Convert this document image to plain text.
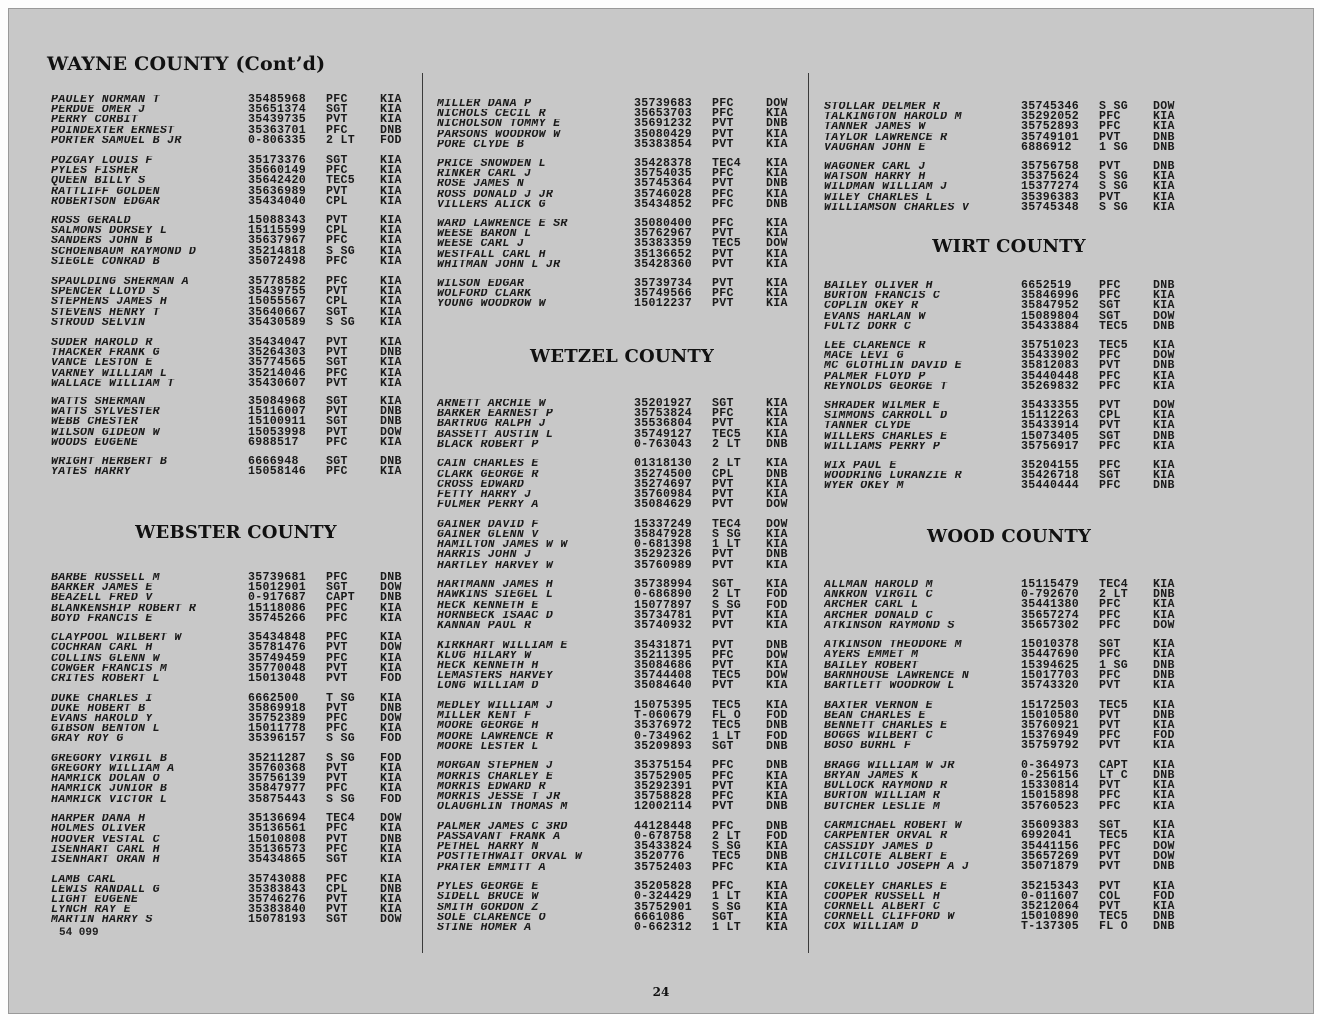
WAYNE COUNTY (Cont’d)
PAULEY NORMAN T	35485968	PFC	KIA
PERDUE OMER J	35651374	SGT	KIA
PERRY CORBIT	35439735	PVT	KIA
POINDEXTER ERNEST	35363701	PFC	DNB
PORTER SAMUEL B JR	0-806335	2 LT	FOD
POZGAY LOUIS F	35173376	SGT	KIA
PYLES FISHER	35660149	PFC	KIA
QUEEN BILLY S	35642420	TEC5	KIA
RATTLIFF GOLDEN	35636989	PVT	KIA
ROBERTSON EDGAR	35434040	CPL	KIA
ROSS GERALD	15088343	PVT	KIA
SALMONS DORSEY L	15115599	CPL	KIA
SANDERS JOHN B	35637967	PFC	KIA
SCHOENBAUM RAYMOND D	35214818	S SG	KIA
SIEGLE CONRAD B	35072498	PFC	KIA
SPAULDING SHERMAN A	35778582	PFC	KIA
SPENCER LLOYD S	35439755	PVT	KIA
STEPHENS JAMES H	15055567	CPL	KIA
STEVENS HENRY T	35640667	SGT	KIA
STROUD SELVIN	35430589	S SG	KIA
SUDER HAROLD R	35434047	PVT	KIA
THACKER FRANK G	35264303	PVT	DNB
VANCE LESTON E	35774565	SGT	KIA
VARNEY WILLIAM L	35214046	PFC	KIA
WALLACE WILLIAM T	35430607	PVT	KIA
WATTS SHERMAN	35084968	SGT	KIA
WATTS SYLVESTER	15116007	PVT	DNB
WEBB CHESTER	15100911	SGT	DNB
WILSON GIDEON W	15053998	PVT	DOW
WOODS EUGENE	6988517	PFC	KIA
WRIGHT HERBERT B	6666948	SGT	DNB
YATES HARRY	15058146	PFC	KIA
WEBSTER COUNTY
BARBE RUSSELL M	35739681	PFC	DNB
BARKER JAMES E	15012901	SGT	DOW
BEAZELL FRED V	0-917687	CAPT	DNB
BLANKENSHIP ROBERT R	15118086	PFC	KIA
BOYD FRANCIS E	35745266	PFC	KIA
CLAYPOOL WILBERT W	35434848	PFC	KIA
COCHRAN CARL H	35781476	PVT	DOW
COLLINS GLENN W	35749459	PFC	KIA
COWGER FRANCIS M	35770048	PVT	KIA
CRITES ROBERT L	15013048	PVT	FOD
DUKE CHARLES I	6662500	T SG	KIA
DUKE HOBERT B	35869918	PVT	DNB
EVANS HAROLD Y	35752389	PFC	DOW
GIBSON BENTON L	15011778	PFC	KIA
GRAY ROY G	35396157	S SG	FOD
GREGORY VIRGIL B	35211287	S SG	FOD
GREGORY WILLIAM A	35760368	PVT	KIA
HAMRICK DOLAN O	35756139	PVT	KIA
HAMRICK JUNIOR B	35847977	PFC	KIA
HAMRICK VICTOR L	35875443	S SG	FOD
HARPER DANA H	35136694	TEC4	DOW
HOLMES OLIVER	35136561	PFC	KIA
HOOVER VESTAL C	15010808	PVT	DNB
ISENHART CARL H	35136573	PFC	KIA
ISENHART ORAN H	35434865	SGT	KIA
LAMB CARL	35743088	PFC	KIA
LEWIS RANDALL G	35383843	CPL	DNB
LIGHT EUGENE	35746276	PVT	KIA
LYNCH RAY E	35383840	PVT	KIA
MARTIN HARRY S	15078193	SGT	DOW
54 099
MILLER DANA P	35739683	PFC	DOW
NICHOLS CECIL R	35653703	PFC	KIA
NICHOLSON TOMMY E	35691232	PVT	DNB
PARSONS WOODROW W	35080429	PVT	KIA
PORE CLYDE B	35383854	PVT	KIA
PRICE SNOWDEN L	35428378	TEC4	KIA
RINKER CARL J	35754035	PFC	KIA
ROSE JAMES N	35745364	PVT	DNB
ROSS DONALD J JR	35746028	PFC	KIA
VILLERS ALICK G	35434852	PFC	DNB
WARD LAWRENCE E SR	35080400	PFC	KIA
WEESE BARON L	35762967	PVT	KIA
WEESE CARL J	35383359	TEC5	DOW
WESTFALL CARL H	35136652	PVT	KIA
WHITMAN JOHN L JR	35428360	PVT	KIA
WILSON EDGAR	35739734	PVT	KIA
WOLFORD CLARK	35749566	PFC	KIA
YOUNG WOODROW W	15012237	PVT	KIA
WETZEL COUNTY
ARNETT ARCHIE W	35201927	SGT	KIA
BARKER EARNEST P	35753824	PFC	KIA
BARTRUG RALPH J	35536804	PVT	KIA
BASSETT AUSTIN L	35749127	TEC5	KIA
BLACK ROBERT P	0-763043	2 LT	DNB
CAIN CHARLES E	01318130	2 LT	KIA
CLARK GEORGE R	35274500	CPL	DNB
CROSS EDWARD	35274697	PVT	KIA
FETTY HARRY J	35760984	PVT	KIA
FULMER PERRY A	35084629	PVT	DOW
GAINER DAVID F	15337249	TEC4	DOW
GAINER GLENN V	35847928	S SG	KIA
HAMILTON JAMES W W	0-681398	1 LT	KIA
HARRIS JOHN J	35292326	PVT	DNB
HARTLEY HARVEY W	35760989	PVT	KIA
HARTMANN JAMES H	35738994	SGT	KIA
HAWKINS SIEGEL L	0-686890	2 LT	FOD
HECK KENNETH E	15077897	S SG	FOD
HORNBECK ISAAC D	35734781	PVT	KIA
KANNAN PAUL R	35740932	PVT	KIA
KIRKHART WILLIAM E	35431871	PVT	DNB
KLUG HILARY W	35211395	PFC	DOW
HECK KENNETH H	35084686	PVT	KIA
LEMASTERS HARVEY	35744408	TEC5	DOW
LONG WILLIAM D	35084640	PVT	KIA
MEDLEY WILLIAM J	15075395	TEC5	KIA
MILLER KENT F	T-060679	FL O	FOD
MOORE GEORGE H	35376972	TEC5	DNB
MOORE LAWRENCE R	0-734962	1 LT	FOD
MOORE LESTER L	35209893	SGT	DNB
MORGAN STEPHEN J	35375154	PFC	DNB
MORRIS CHARLEY E	35752905	PFC	KIA
MORRIS EDWARD R	35292391	PVT	KIA
MORRIS JESSE T JR	35758828	PFC	KIA
OLAUGHLIN THOMAS M	12002114	PVT	DNB
PALMER JAMES C 3RD	44128448	PFC	DNB
PASSAVANT FRANK A	0-678758	2 LT	FOD
PETHEL HARRY N	35433824	S SG	KIA
POSTTETHWAIT ORVAL W	3520776	TEC5	DNB
PRATER EMMITT A	35752403	PFC	KIA
PYLES GEORGE E	35205828	PFC	KIA
SIDELL BRUCE W	0-324429	1 LT	KIA
SMITH GORDON Z	35752901	S SG	KIA
SOLE CLARENCE O	6661086	SGT	KIA
STINE HOMER A	0-662312	1 LT	KIA
STOLLAR DELMER R	35745346	S SG	DOW
TALKINGTON HAROLD M	35292052	PFC	KIA
TANNER JAMES W	35752893	PFC	KIA
TAYLOR LAWRENCE R	35749101	PVT	DNB
VAUGHAN JOHN E	6886912	1 SG	DNB
WAGONER CARL J	35756758	PVT	DNB
WATSON HARRY H	35375624	S SG	KIA
WILDMAN WILLIAM J	15377274	S SG	KIA
WILEY CHARLES L	35396383	PVT	KIA
WILLIAMSON CHARLES V	35745348	S SG	KIA
WIRT COUNTY
BAILEY OLIVER H	6652519	PFC	DNB
BURTON FRANCIS C	35846996	PFC	KIA
COPLIN OKEY R	35847952	SGT	KIA
EVANS HARLAN W	15089804	SGT	DOW
FULTZ DORR C	35433884	TEC5	DNB
LEE CLARENCE R	35751023	TEC5	KIA
MACE LEVI G	35433902	PFC	DOW
MC GLOTHLIN DAVID E	35812083	PVT	DNB
PALMER FLOYD P	35440448	PFC	KIA
REYNOLDS GEORGE T	35269832	PFC	KIA
SHRADER WILMER E	35433355	PVT	DOW
SIMMONS CARROLL D	15112263	CPL	KIA
TANNER CLYDE	35433914	PVT	KIA
WILLERS CHARLES E	15073405	SGT	DNB
WILLIAMS PERRY P	35756917	PFC	KIA
WIX PAUL E	35204155	PFC	KIA
WOODRING LURANZIE R	35426718	SGT	KIA
WYER OKEY M	35440444	PFC	DNB
WOOD COUNTY
ALLMAN HAROLD M	15115479	TEC4	KIA
ANKRON VIRGIL C	0-792670	2 LT	DNB
ARCHER CARL L	35441380	PFC	KIA
ARCHER DONALD C	35657274	PFC	KIA
ATKINSON RAYMOND S	35657302	PFC	DOW
ATKINSON THEODORE M	15010378	SGT	KIA
AYERS EMMET M	35447690	PFC	KIA
BAILEY ROBERT	15394625	1 SG	DNB
BARNHOUSE LAWRENCE N	15017703	PFC	DNB
BARTLETT WOODROW L	35743320	PVT	KIA
BAXTER VERNON E	15172503	TEC5	KIA
BEAN CHARLES E	15010580	PVT	DNB
BENNETT CHARLES E	35760921	PVT	KIA
BOGGS WILBERT C	15376949	PFC	FOD
BOSO BURHL F	35759792	PVT	KIA
BRAGG WILLIAM W JR	0-364973	CAPT	KIA
BRYAN JAMES K	0-256156	LT C	DNB
BULLOCK RAYMOND R	15330814	PVT	KIA
BURTON WILLIAM R	15015898	PFC	KIA
BUTCHER LESLIE M	35760523	PFC	KIA
CARMICHAEL ROBERT W	35609383	SGT	KIA
CARPENTER ORVAL R	6992041	TEC5	KIA
CASSIDY JAMES D	35441156	PFC	DOW
CHILCOTE ALBERT E	35657269	PVT	DOW
CIVITILLO JOSEPH A J	35071879	PVT	DNB
COKELEY CHARLES E	35215343	PVT	KIA
COOPER RUSSELL H	0-011607	COL	FOD
CORNELL ALBERT C	35212064	PVT	KIA
CORNELL CLIFFORD W	15010890	TEC5	DNB
COX WILLIAM D	T-137305	FL O	DNB
24
